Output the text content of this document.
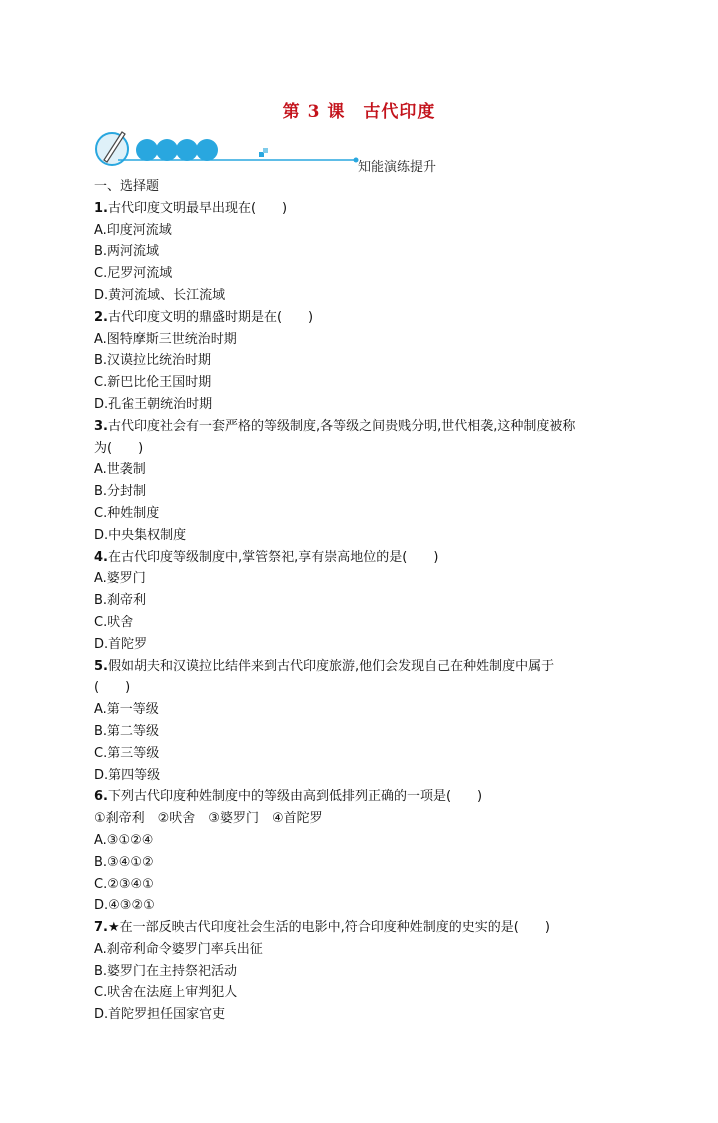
第 3 课　古代印度
知能演练提升

一、选择题

1.古代印度文明最早出现在(　　)

A.印度河流域

B.两河流域

C.尼罗河流域

D.黄河流域、长江流域

2.古代印度文明的鼎盛时期是在(　　)

A.图特摩斯三世统治时期

B.汉谟拉比统治时期

C.新巴比伦王国时期

D.孔雀王朝统治时期

3.古代印度社会有一套严格的等级制度,各等级之间贵贱分明,世代相袭,这种制度被称

为(　　)

A.世袭制

B.分封制

C.种姓制度

D.中央集权制度

4.在古代印度等级制度中,掌管祭祀,享有崇高地位的是(　　)

A.婆罗门

B.刹帝利

C.吠舍

D.首陀罗

5.假如胡夫和汉谟拉比结伴来到古代印度旅游,他们会发现自己在种姓制度中属于

(　　)

A.第一等级

B.第二等级

C.第三等级

D.第四等级

6.下列古代印度种姓制度中的等级由高到低排列正确的一项是(　　)

①刹帝利　②吠舍　③婆罗门　④首陀罗

A.③①②④

B.③④①②

C.②③④①

D.④③②①

7.★在一部反映古代印度社会生活的电影中,符合印度种姓制度的史实的是(　　)

A.刹帝利命令婆罗门率兵出征

B.婆罗门在主持祭祀活动

C.吠舍在法庭上审判犯人

D.首陀罗担任国家官吏
